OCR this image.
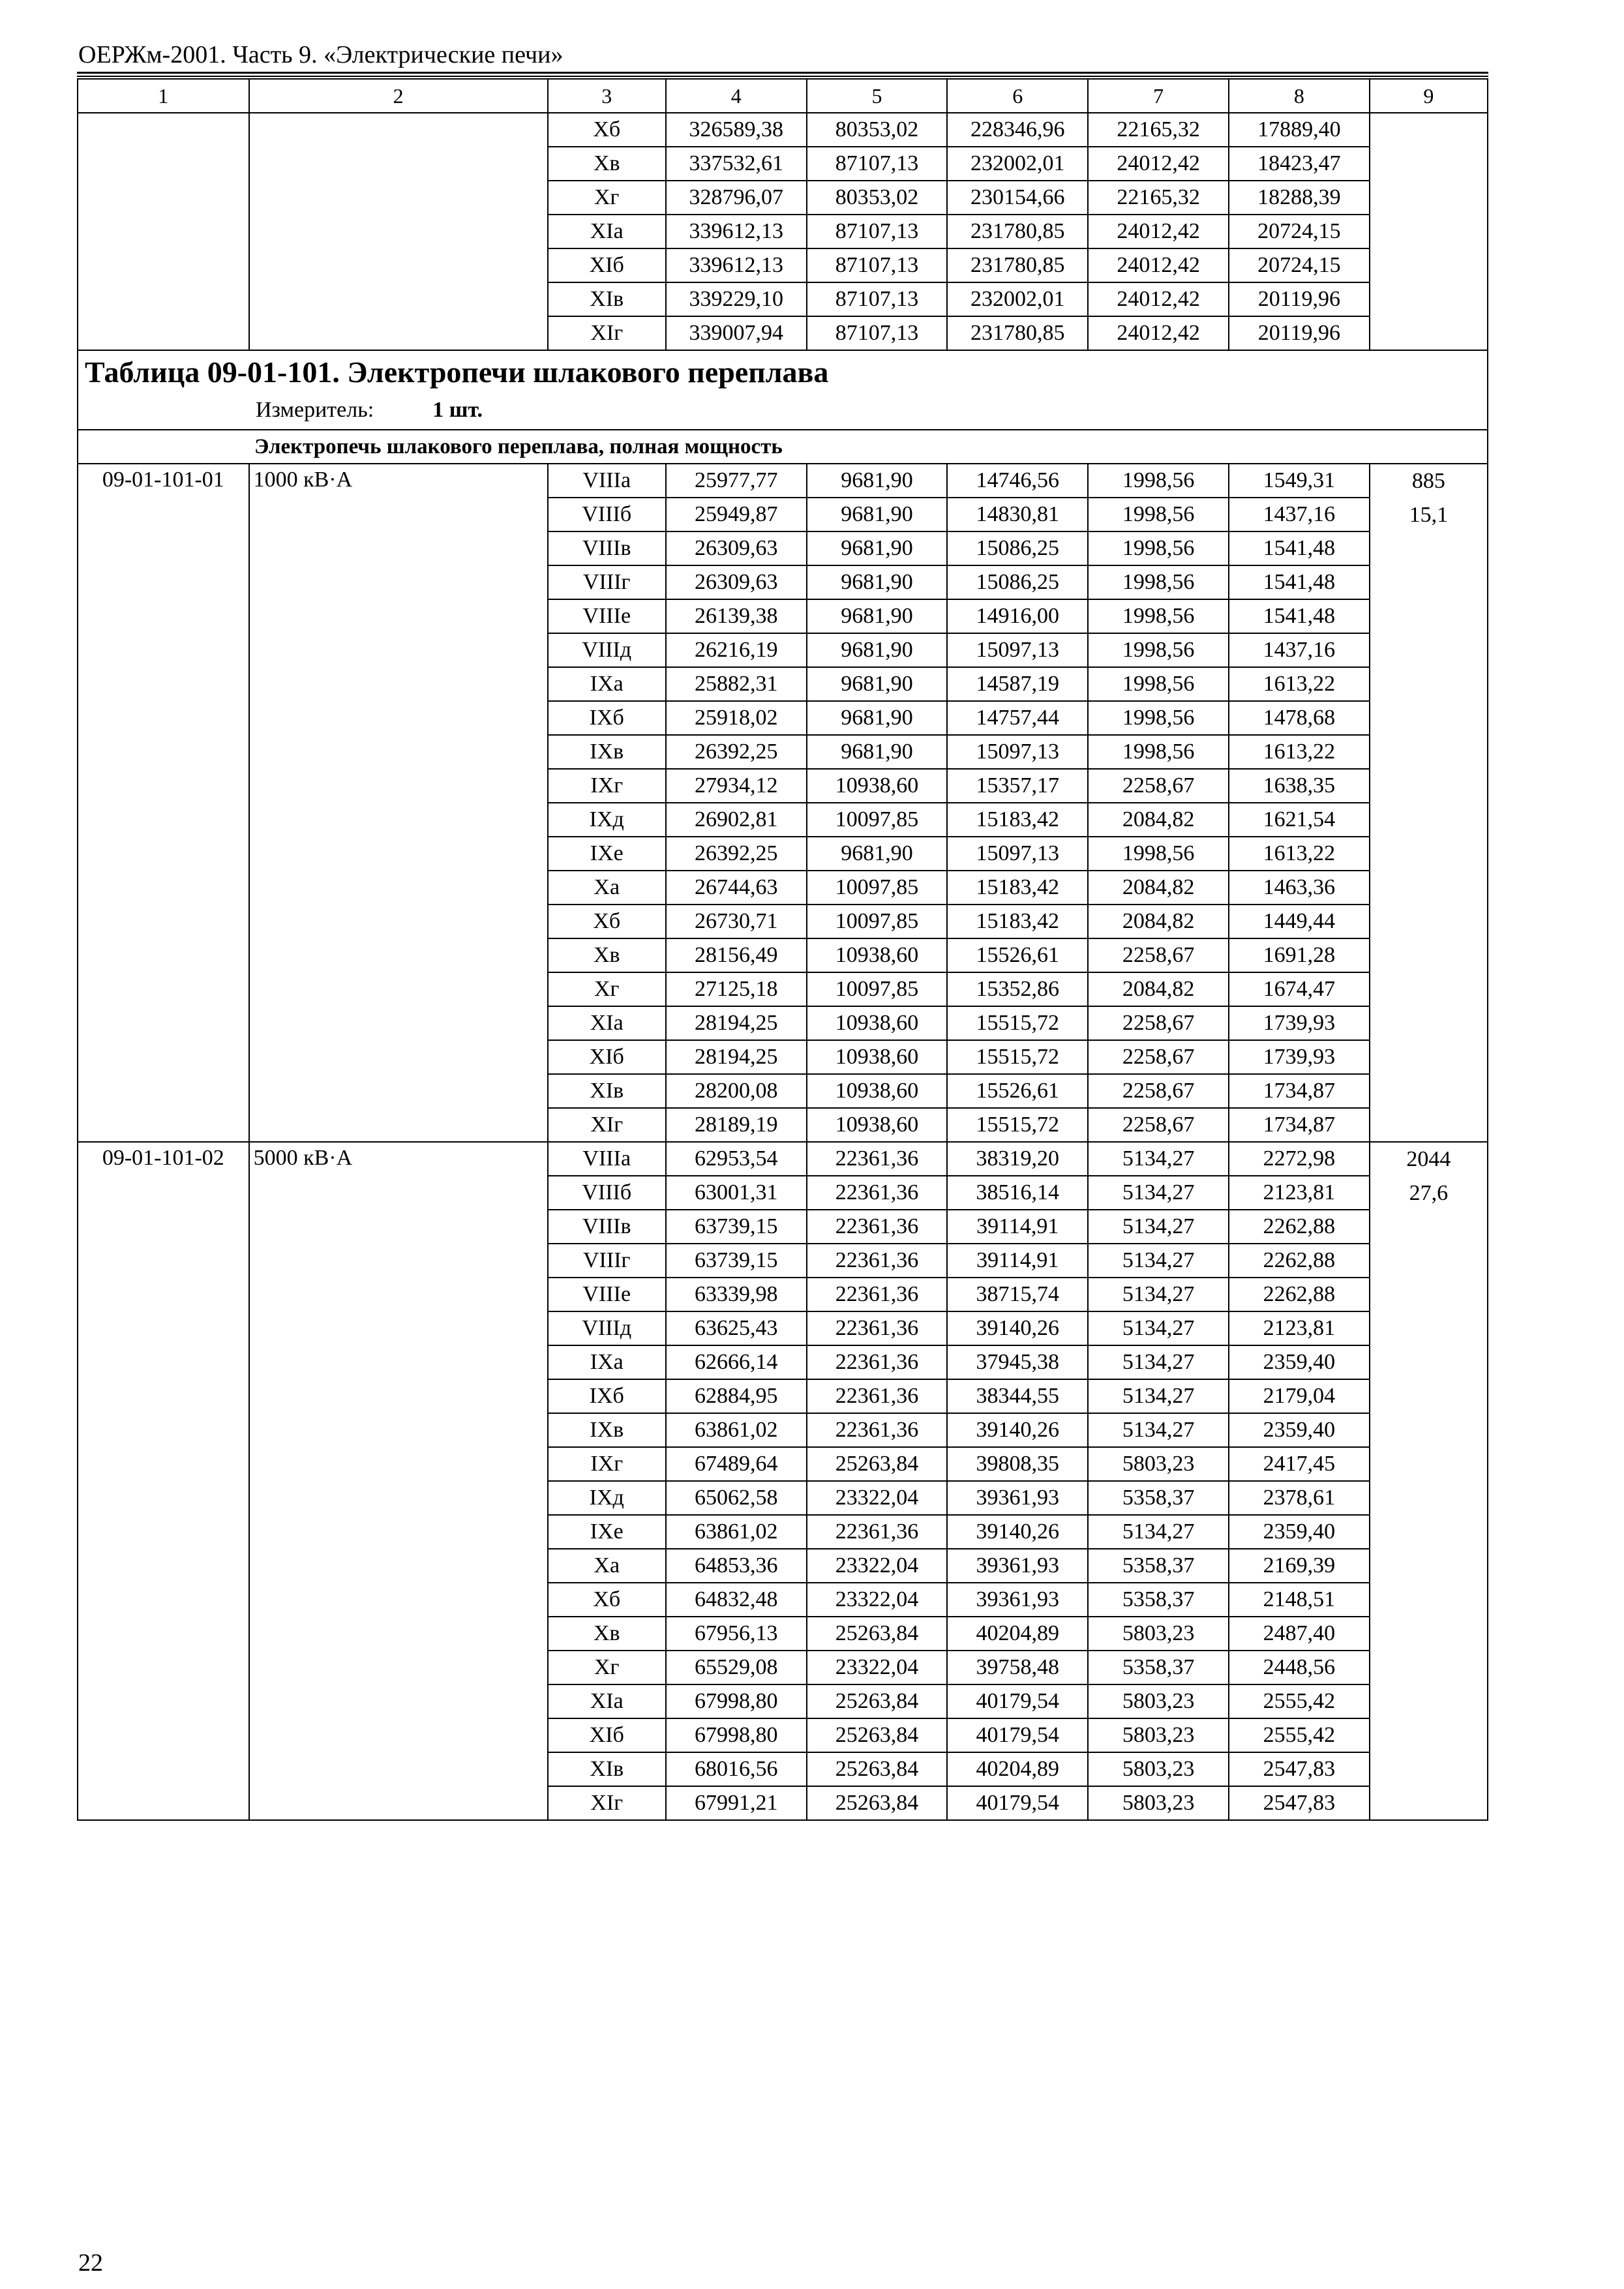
ОЕРЖм-2001. Часть 9. «Электрические печи»
1	2	3	4	5	6	7	8	9
		Xб	326589,38	80353,02	228346,96	22165,32	17889,40	
		Xв	337532,61	87107,13	232002,01	24012,42	18423,47	
		Xг	328796,07	80353,02	230154,66	22165,32	18288,39	
		XIа	339612,13	87107,13	231780,85	24012,42	20724,15	
		XIб	339612,13	87107,13	231780,85	24012,42	20724,15	
		XIв	339229,10	87107,13	232002,01	24012,42	20119,96	
		XIг	339007,94	87107,13	231780,85	24012,42	20119,96	
Таблица 09-01-101. Электропечи шлакового переплава
Измеритель: 1 шт.								

Электропечь шлакового переплава, полная мощность								
09-01-101-01	1000 кВ·А	VIIIа	25977,77	9681,90	14746,56	1998,56	1549,31	885
15,1

		VIIIб	25949,87	9681,90	14830,81	1998,56	1437,16	
		VIIIв	26309,63	9681,90	15086,25	1998,56	1541,48	
		VIIIг	26309,63	9681,90	15086,25	1998,56	1541,48	
		VIIIе	26139,38	9681,90	14916,00	1998,56	1541,48	
		VIIIд	26216,19	9681,90	15097,13	1998,56	1437,16	
		IXа	25882,31	9681,90	14587,19	1998,56	1613,22	
		IXб	25918,02	9681,90	14757,44	1998,56	1478,68	
		IXв	26392,25	9681,90	15097,13	1998,56	1613,22	
		IXг	27934,12	10938,60	15357,17	2258,67	1638,35	
		IXд	26902,81	10097,85	15183,42	2084,82	1621,54	
		IXе	26392,25	9681,90	15097,13	1998,56	1613,22	
		Xа	26744,63	10097,85	15183,42	2084,82	1463,36	
		Xб	26730,71	10097,85	15183,42	2084,82	1449,44	
		Xв	28156,49	10938,60	15526,61	2258,67	1691,28	
		Xг	27125,18	10097,85	15352,86	2084,82	1674,47	
		XIа	28194,25	10938,60	15515,72	2258,67	1739,93	
		XIб	28194,25	10938,60	15515,72	2258,67	1739,93	
		XIв	28200,08	10938,60	15526,61	2258,67	1734,87	
		XIг	28189,19	10938,60	15515,72	2258,67	1734,87	
09-01-101-02	5000 кВ·А	VIIIа	62953,54	22361,36	38319,20	5134,27	2272,98	2044
27,6

		VIIIб	63001,31	22361,36	38516,14	5134,27	2123,81	
		VIIIв	63739,15	22361,36	39114,91	5134,27	2262,88	
		VIIIг	63739,15	22361,36	39114,91	5134,27	2262,88	
		VIIIе	63339,98	22361,36	38715,74	5134,27	2262,88	
		VIIIд	63625,43	22361,36	39140,26	5134,27	2123,81	
		IXа	62666,14	22361,36	37945,38	5134,27	2359,40	
		IXб	62884,95	22361,36	38344,55	5134,27	2179,04	
		IXв	63861,02	22361,36	39140,26	5134,27	2359,40	
		IXг	67489,64	25263,84	39808,35	5803,23	2417,45	
		IXд	65062,58	23322,04	39361,93	5358,37	2378,61	
		IXе	63861,02	22361,36	39140,26	5134,27	2359,40	
		Xа	64853,36	23322,04	39361,93	5358,37	2169,39	
		Xб	64832,48	23322,04	39361,93	5358,37	2148,51	
		Xв	67956,13	25263,84	40204,89	5803,23	2487,40	
		Xг	65529,08	23322,04	39758,48	5358,37	2448,56	
		XIа	67998,80	25263,84	40179,54	5803,23	2555,42	
		XIб	67998,80	25263,84	40179,54	5803,23	2555,42	
		XIв	68016,56	25263,84	40204,89	5803,23	2547,83	
		XIг	67991,21	25263,84	40179,54	5803,23	2547,83	
22
